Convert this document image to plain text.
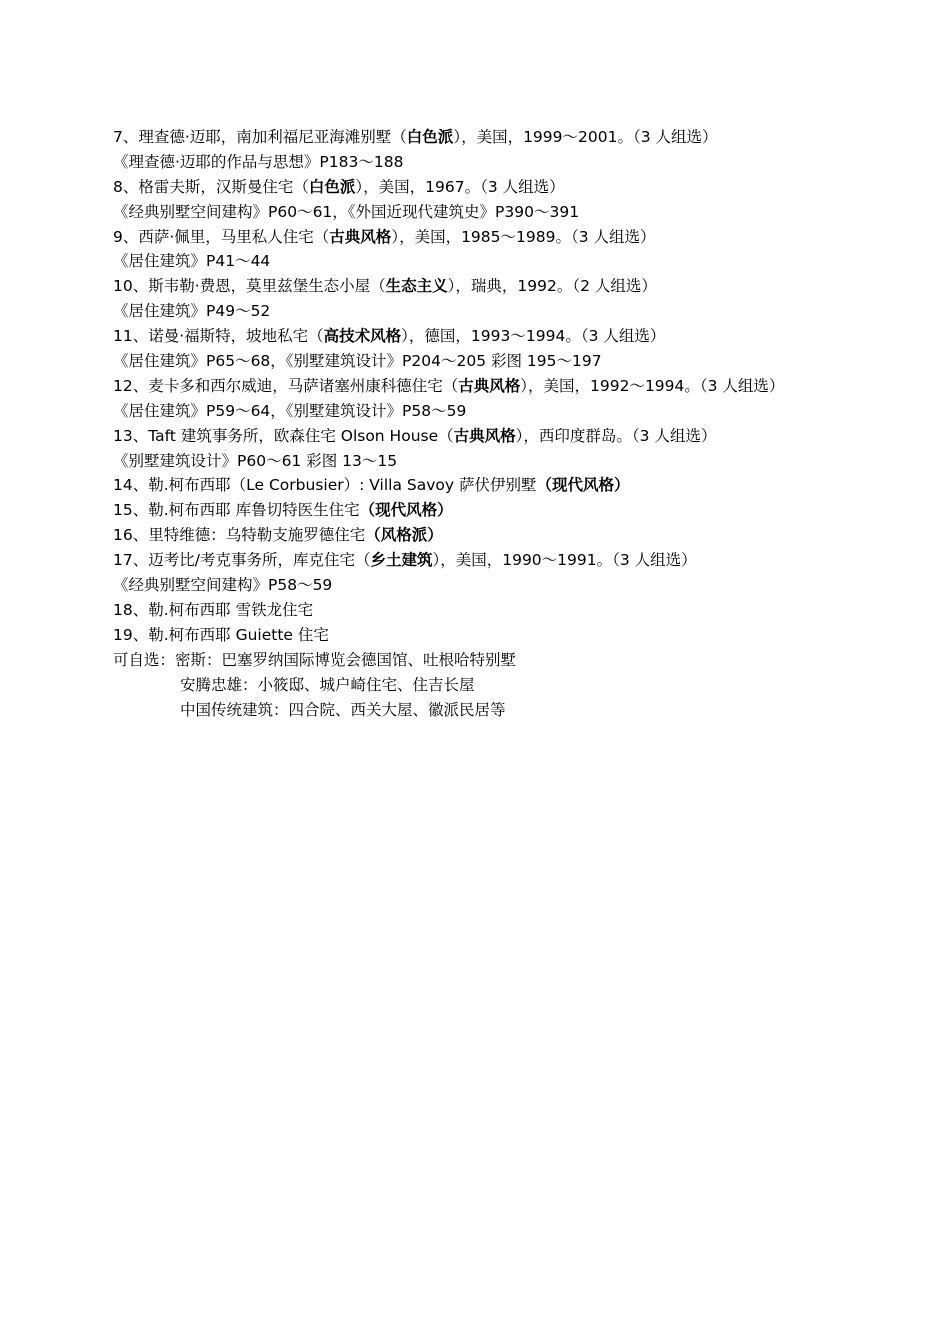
7、理查德·迈耶，南加利福尼亚海滩别墅（白色派），美国，1999～2001。（3 人组选）
《理查德·迈耶的作品与思想》P183～188
8、格雷夫斯，汉斯曼住宅（白色派），美国，1967。（3 人组选）
《经典别墅空间建构》P60～61，《外国近现代建筑史》P390～391
9、西萨·佩里，马里私人住宅（古典风格），美国，1985～1989。（3 人组选）
《居住建筑》P41～44
10、斯韦勒·费恩，莫里兹堡生态小屋（生态主义），瑞典，1992。（2 人组选）
《居住建筑》P49～52
11、诺曼·福斯特，坡地私宅（高技术风格），德国，1993～1994。（3 人组选）
《居住建筑》P65～68，《别墅建筑设计》P204～205 彩图 195～197
12、麦卡多和西尔威迪，马萨诸塞州康科德住宅（古典风格），美国，1992～1994。（3 人组选）
《居住建筑》P59～64，《别墅建筑设计》P58～59
13、Taft 建筑事务所，欧森住宅 Olson House（古典风格），西印度群岛。（3 人组选）
《别墅建筑设计》P60～61 彩图 13～15
14、勒.柯布西耶（Le Corbusier）: Villa Savoy 萨伏伊别墅（现代风格）
15、勒.柯布西耶 库鲁切特医生住宅（现代风格）
16、里特维德：乌特勒支施罗德住宅（风格派）
17、迈考比/考克事务所，库克住宅（乡土建筑），美国，1990～1991。（3 人组选）
《经典别墅空间建构》P58～59
18、勒.柯布西耶 雪铁龙住宅
19、勒.柯布西耶 Guiette 住宅
可自选：密斯：巴塞罗纳国际博览会德国馆、吐根哈特别墅
安腾忠雄：小筱邸、城户崎住宅、住吉长屋
中国传统建筑：四合院、西关大屋、徽派民居等
